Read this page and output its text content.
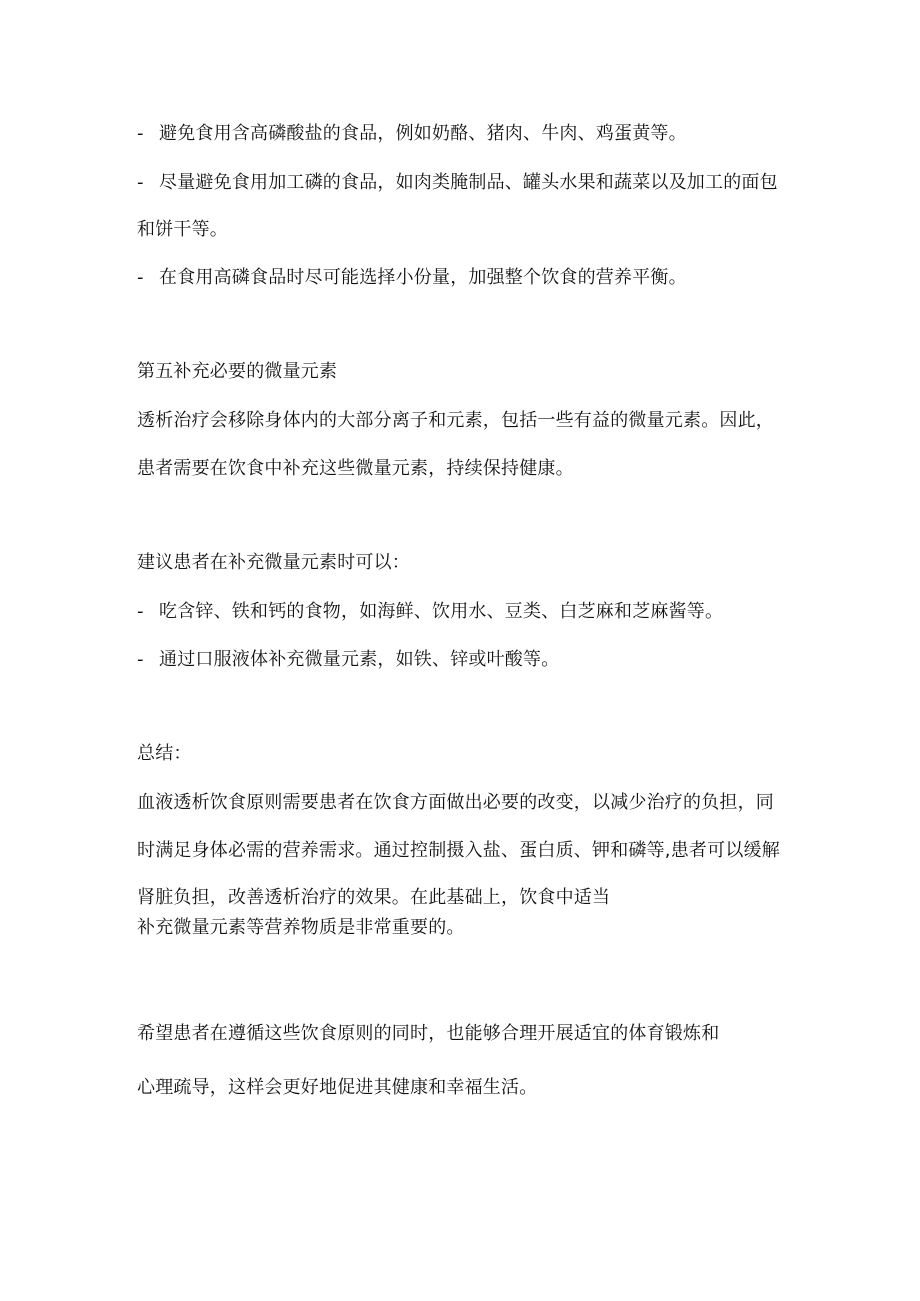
- 避免食用含高磷酸盐的食品，例如奶酪、猪肉、牛肉、鸡蛋黄等。
- 尽量避免食用加工磷的食品，如肉类腌制品、罐头水果和蔬菜以及加工的面包
和饼干等。
- 在食用高磷食品时尽可能选择小份量，加强整个饮食的营养平衡。
第五补充必要的微量元素
透析治疗会移除身体内的大部分离子和元素，包括一些有益的微量元素。因此，
患者需要在饮食中补充这些微量元素，持续保持健康。
建议患者在补充微量元素时可以：
- 吃含锌、铁和钙的食物，如海鲜、饮用水、豆类、白芝麻和芝麻酱等。
- 通过口服液体补充微量元素，如铁、锌或叶酸等。
总结：
血液透析饮食原则需要患者在饮食方面做出必要的改变，以减少治疗的负担，同
时满足身体必需的营养需求。通过控制摄入盐、蛋白质、钾和磷等,患者可以缓解
肾脏负担，改善透析治疗的效果。在此基础上，饮食中适当
补充微量元素等营养物质是非常重要的。
希望患者在遵循这些饮食原则的同时，也能够合理开展适宜的体育锻炼和
心理疏导，这样会更好地促进其健康和幸福生活。
